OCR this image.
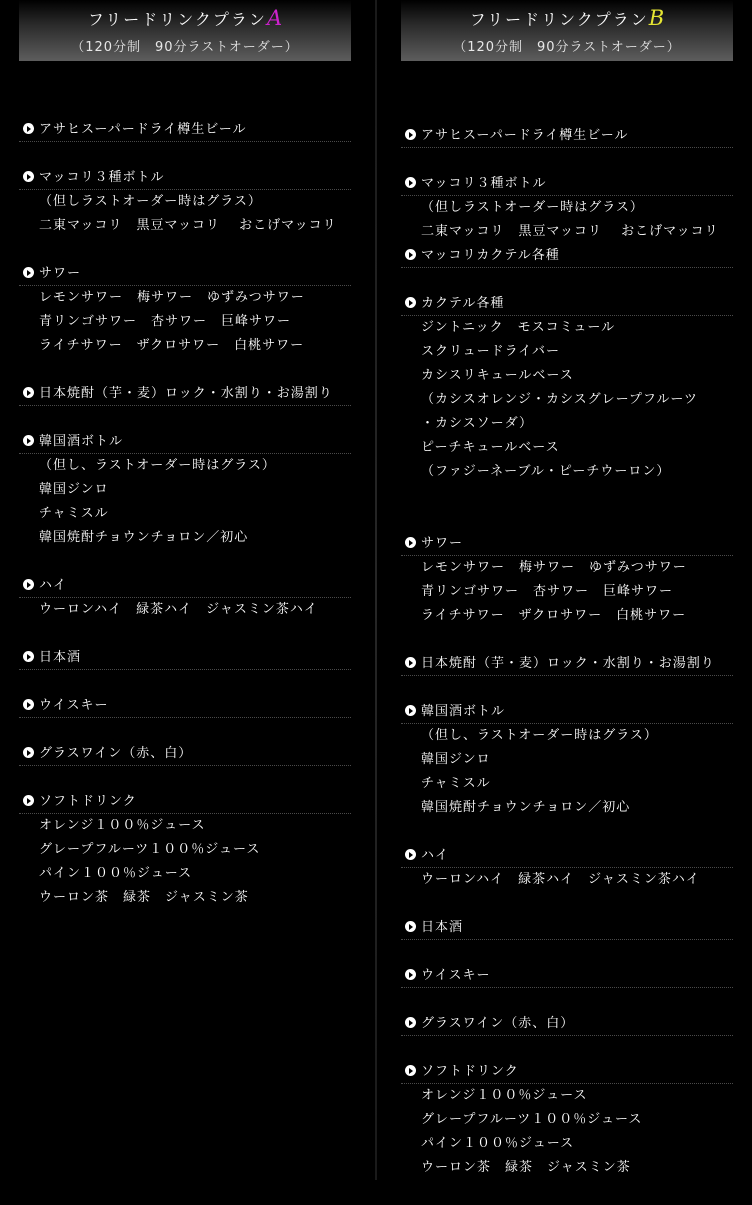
フリードリンクプランA
（120分制　90分ラストオーダー）
アサヒスーパードライ樽生ビール
マッコリ３種ボトル
（但しラストオーダー時はグラス）
二東マッコリ　黒豆マッコリ　 おこげマッコリ
サワー
レモンサワー　梅サワー　ゆずみつサワー
青リンゴサワー　杏サワー　巨峰サワー
ライチサワー　ザクロサワー　白桃サワー
日本焼酎（芋・麦）ロック・水割り・お湯割り
韓国酒ボトル
（但し、ラストオーダー時はグラス）
韓国ジンロ
チャミスル
韓国焼酎チョウンチョロン／初心
ハイ
ウーロンハイ　緑茶ハイ　ジャスミン茶ハイ
日本酒
ウイスキー
グラスワイン（赤、白）
ソフトドリンク
オレンジ１００％ジュース
グレープフルーツ１００％ジュース
パイン１００％ジュース
ウーロン茶　緑茶　ジャスミン茶
フリードリンクプランB
（120分制　90分ラストオーダー）
アサヒスーパードライ樽生ビール
マッコリ３種ボトル
（但しラストオーダー時はグラス）
二東マッコリ　黒豆マッコリ　 おこげマッコリ
マッコリカクテル各種
カクテル各種
ジントニック　モスコミュール
スクリュードライバー
カシスリキュールベース
（カシスオレンジ・カシスグレープフルーツ
・カシスソーダ）
ピーチキュールベース
（ファジーネーブル・ピーチウーロン）
サワー
レモンサワー　梅サワー　ゆずみつサワー
青リンゴサワー　杏サワー　巨峰サワー
ライチサワー　ザクロサワー　白桃サワー
日本焼酎（芋・麦）ロック・水割り・お湯割り
韓国酒ボトル
（但し、ラストオーダー時はグラス）
韓国ジンロ
チャミスル
韓国焼酎チョウンチョロン／初心
ハイ
ウーロンハイ　緑茶ハイ　ジャスミン茶ハイ
日本酒
ウイスキー
グラスワイン（赤、白）
ソフトドリンク
オレンジ１００％ジュース
グレープフルーツ１００％ジュース
パイン１００％ジュース
ウーロン茶　緑茶　ジャスミン茶
